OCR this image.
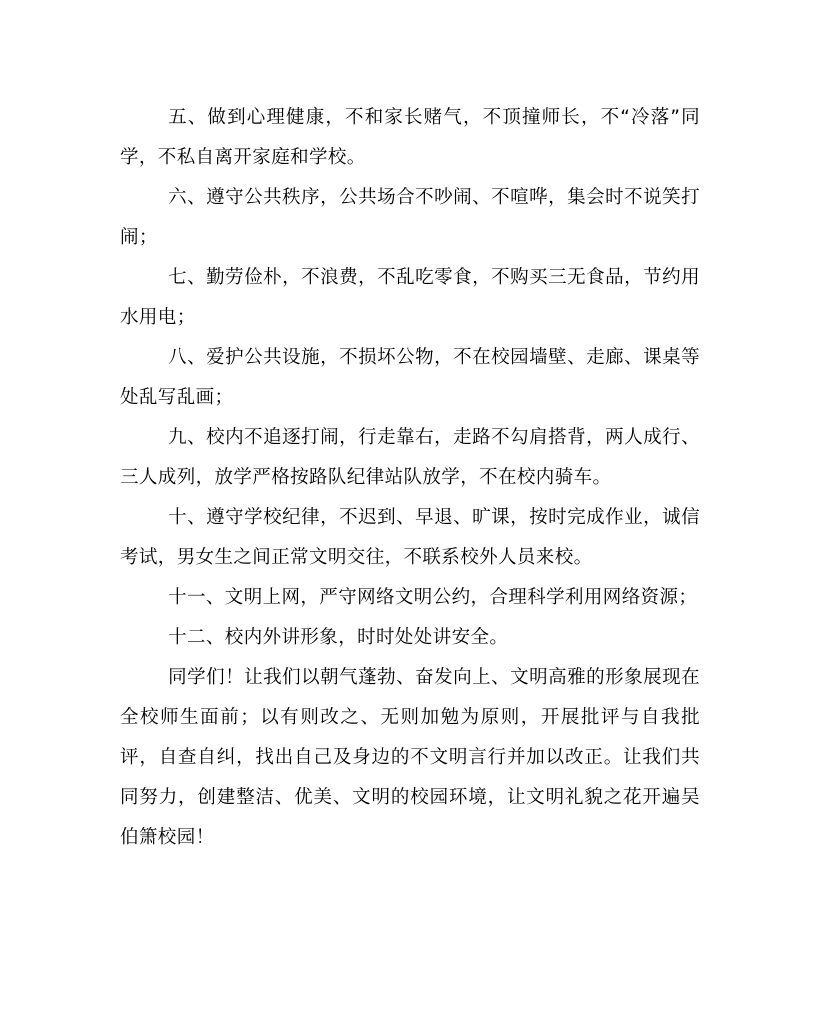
五、做到心理健康，不和家长赌气，不顶撞师长，不“冷落”同学，不私自离开家庭和学校。

六、遵守公共秩序，公共场合不吵闹、不喧哗，集会时不说笑打闹；

七、勤劳俭朴，不浪费，不乱吃零食，不购买三无食品，节约用水用电；

八、爱护公共设施，不损坏公物，不在校园墙壁、走廊、课桌等处乱写乱画；

九、校内不追逐打闹，行走靠右，走路不勾肩搭背，两人成行、三人成列，放学严格按路队纪律站队放学，不在校内骑车。

十、遵守学校纪律，不迟到、早退、旷课，按时完成作业，诚信考试，男女生之间正常文明交往，不联系校外人员来校。

十一、文明上网，严守网络文明公约，合理科学利用网络资源；

十二、校内外讲形象，时时处处讲安全。

同学们！让我们以朝气蓬勃、奋发向上、文明高雅的形象展现在全校师生面前；以有则改之、无则加勉为原则，开展批评与自我批评，自查自纠，找出自己及身边的不文明言行并加以改正。让我们共同努力，创建整洁、优美、文明的校园环境，让文明礼貌之花开遍吴伯箫校园！
